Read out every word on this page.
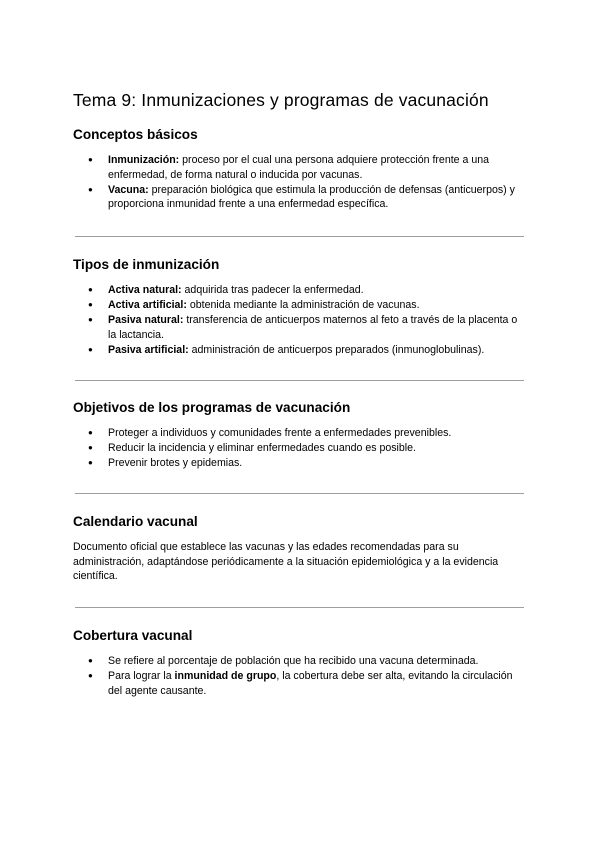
Tema 9: Inmunizaciones y programas de vacunación
Conceptos básicos
● Inmunización: proceso por el cual una persona adquiere protección frente a una enfermedad, de forma natural o inducida por vacunas.
● Vacuna: preparación biológica que estimula la producción de defensas (anticuerpos) y proporciona inmunidad frente a una enfermedad específica.
Tipos de inmunización
● Activa natural: adquirida tras padecer la enfermedad.
● Activa artificial: obtenida mediante la administración de vacunas.
● Pasiva natural: transferencia de anticuerpos maternos al feto a través de la placenta o la lactancia.
● Pasiva artificial: administración de anticuerpos preparados (inmunoglobulinas).
Objetivos de los programas de vacunación
● Proteger a individuos y comunidades frente a enfermedades prevenibles.
● Reducir la incidencia y eliminar enfermedades cuando es posible.
● Prevenir brotes y epidemias.
Calendario vacunal

Documento oficial que establece las vacunas y las edades recomendadas para su administración, adaptándose periódicamente a la situación epidemiológica y a la evidencia científica.

Cobertura vacunal
● Se refiere al porcentaje de población que ha recibido una vacuna determinada.
● Para lograr la inmunidad de grupo, la cobertura debe ser alta, evitando la circulación del agente causante.
